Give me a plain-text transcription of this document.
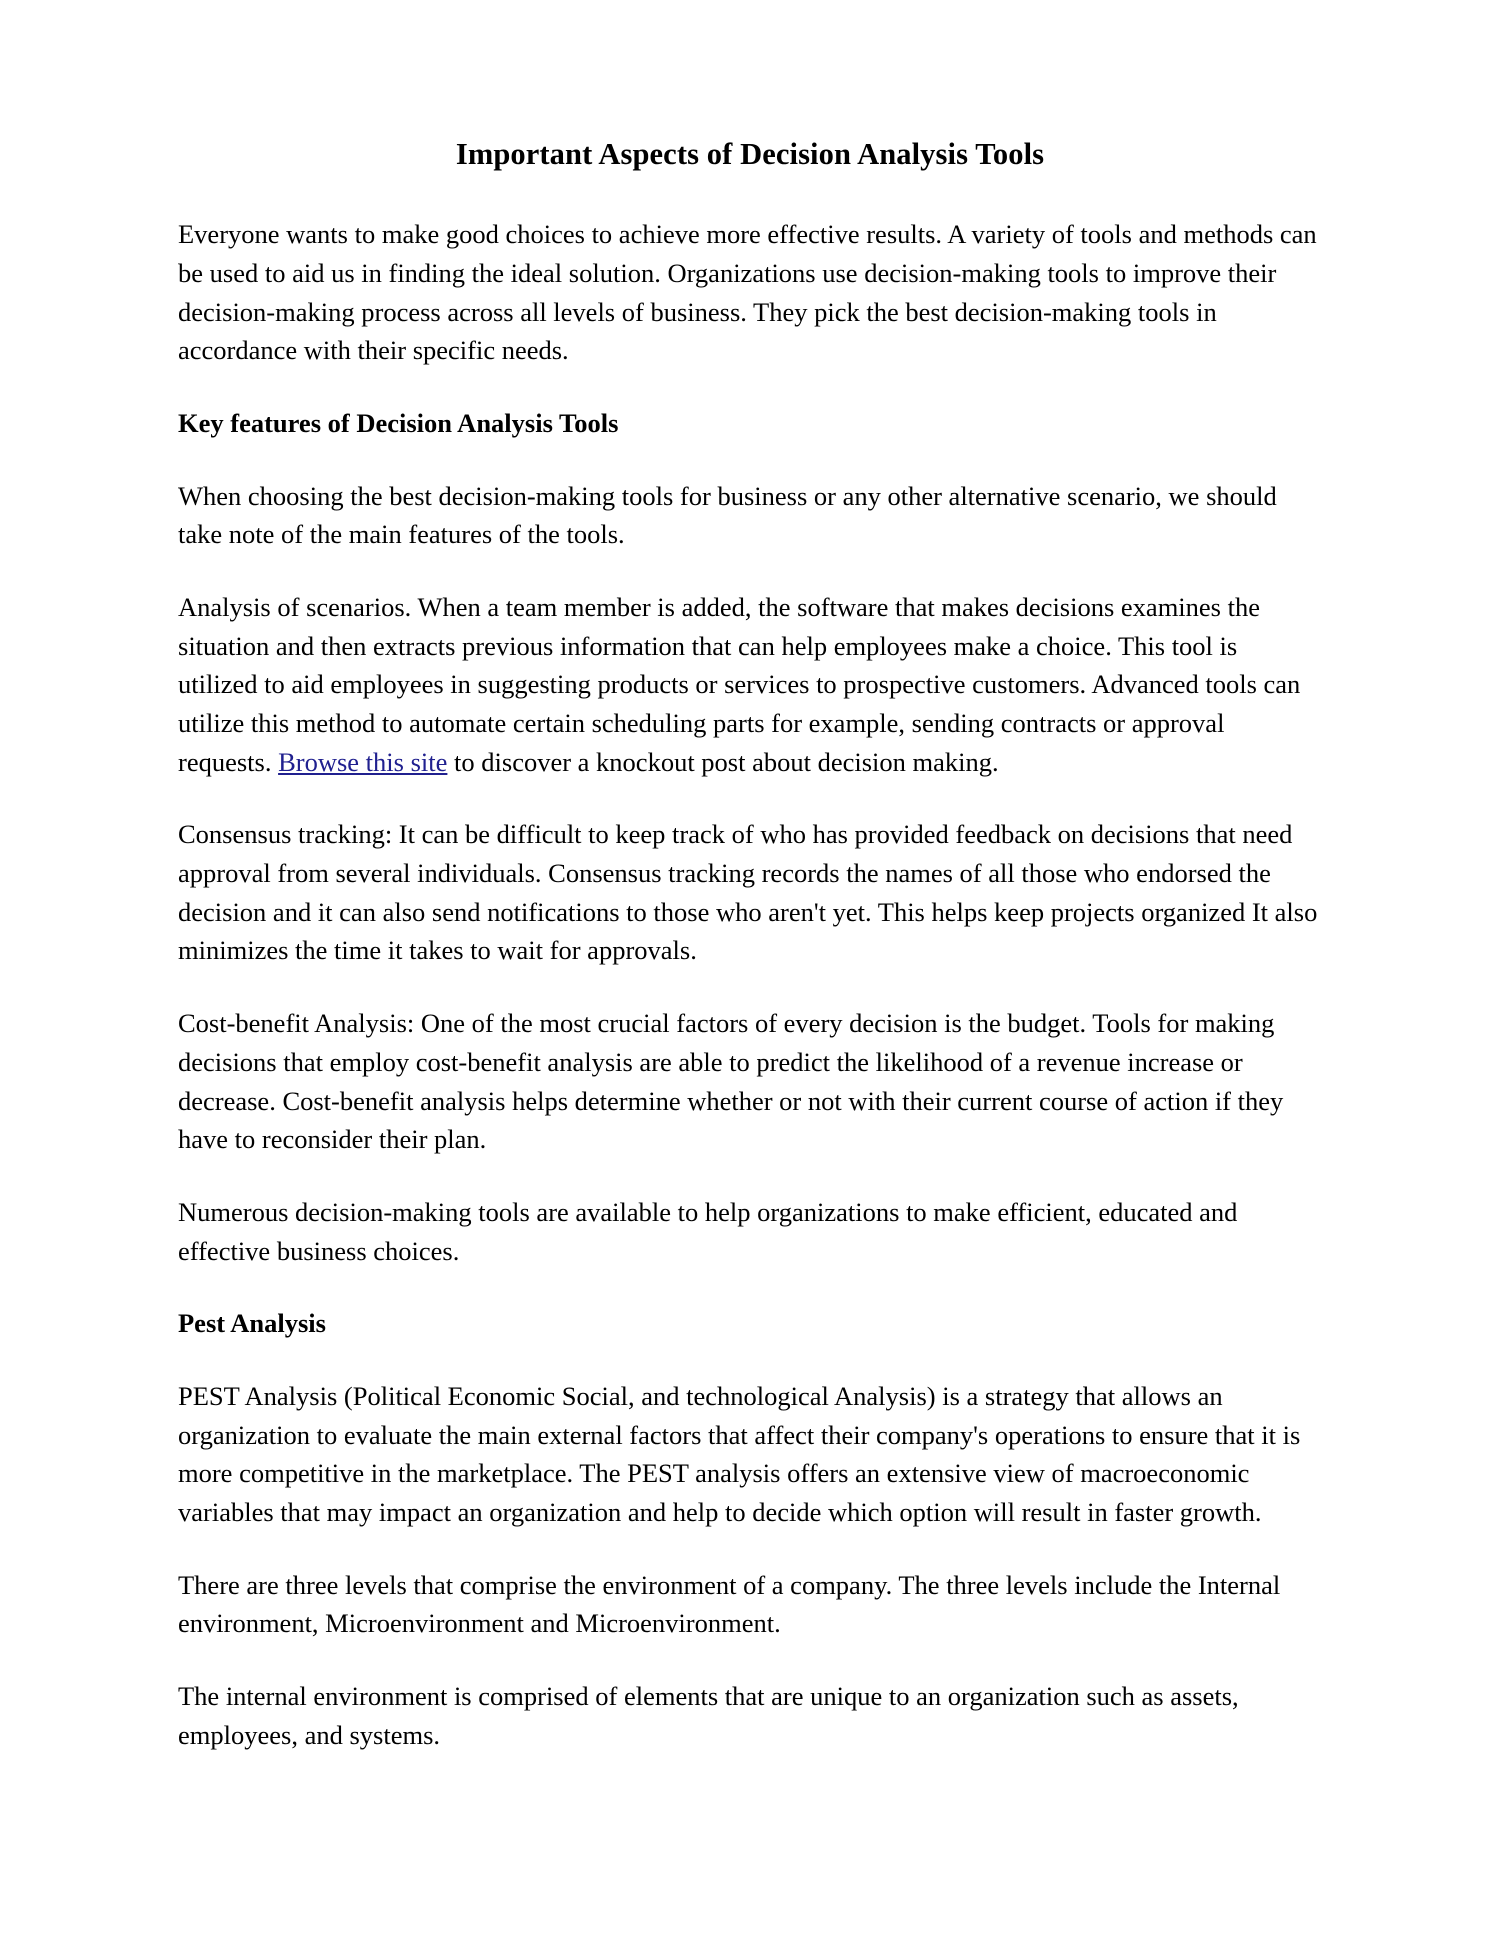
Important Aspects of Decision Analysis Tools

Everyone wants to make good choices to achieve more effective results. A variety of tools and methods can be used to aid us in finding the ideal solution. Organizations use decision-making tools to improve their decision-making process across all levels of business. They pick the best decision-making tools in accordance with their specific needs.

Key features of Decision Analysis Tools

When choosing the best decision-making tools for business or any other alternative scenario, we should take note of the main features of the tools.

Analysis of scenarios. When a team member is added, the software that makes decisions examines the situation and then extracts previous information that can help employees make a choice. This tool is utilized to aid employees in suggesting products or services to prospective customers. Advanced tools can utilize this method to automate certain scheduling parts for example, sending contracts or approval requests. Browse this site to discover a knockout post about decision making.

Consensus tracking: It can be difficult to keep track of who has provided feedback on decisions that need approval from several individuals. Consensus tracking records the names of all those who endorsed the decision and it can also send notifications to those who aren't yet. This helps keep projects organized It also minimizes the time it takes to wait for approvals.

Cost-benefit Analysis: One of the most crucial factors of every decision is the budget. Tools for making decisions that employ cost-benefit analysis are able to predict the likelihood of a revenue increase or decrease. Cost-benefit analysis helps determine whether or not with their current course of action if they have to reconsider their plan.

Numerous decision-making tools are available to help organizations to make efficient, educated and effective business choices.

Pest Analysis

PEST Analysis (Political Economic Social, and technological Analysis) is a strategy that allows an organization to evaluate the main external factors that affect their company's operations to ensure that it is more competitive in the marketplace. The PEST analysis offers an extensive view of macroeconomic variables that may impact an organization and help to decide which option will result in faster growth.

There are three levels that comprise the environment of a company. The three levels include the Internal environment, Microenvironment and Microenvironment.

The internal environment is comprised of elements that are unique to an organization such as assets, employees, and systems.
